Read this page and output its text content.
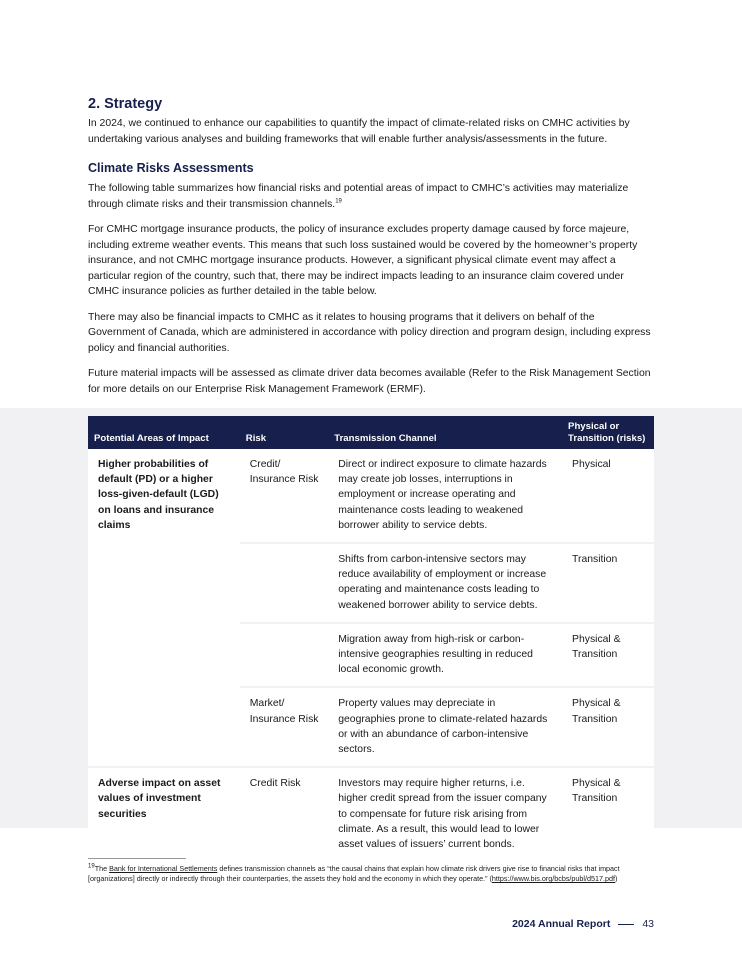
2. Strategy

In 2024, we continued to enhance our capabilities to quantify the impact of climate-related risks on CMHC activities by undertaking various analyses and building frameworks that will enable further analysis/assessments in the future.

Climate Risks Assessments

The following table summarizes how financial risks and potential areas of impact to CMHC’s activities may materialize through climate risks and their transmission channels.$^{19}$

For CMHC mortgage insurance products, the policy of insurance excludes property damage caused by force majeure, including extreme weather events. This means that such loss sustained would be covered by the homeowner’s property insurance, and not CMHC mortgage insurance products. However, a significant physical climate event may affect a particular region of the country, such that, there may be indirect impacts leading to an insurance claim covered under CMHC insurance policies as further detailed in the table below.

There may also be financial impacts to CMHC as it relates to housing programs that it delivers on behalf of the Government of Canada, which are administered in accordance with policy direction and program design, including express policy and financial authorities.

Future material impacts will be assessed as climate driver data becomes available (Refer to the Risk Management Section for more details on our Enterprise Risk Management Framework (ERMF).

Potential Areas of Impact	Risk	Transmission Channel	Physical or Transition (risks)
Higher probabilities of default (PD) or a higher loss-given-default (LGD) on loans and insurance claims	Credit/ Insurance Risk	Direct or indirect exposure to climate hazards may create job losses, interruptions in employment or increase operating and maintenance costs leading to weakened borrower ability to service debts.	Physical
		Shifts from carbon-intensive sectors may reduce availability of employment or increase operating and maintenance costs leading to weakened borrower ability to service debts.	Transition
		Migration away from high-risk or carbon-intensive geographies resulting in reduced local economic growth.	Physical & Transition
	Market/ Insurance Risk	Property values may depreciate in geographies prone to climate-related hazards or with an abundance of carbon-intensive sectors.	Physical & Transition
Adverse impact on asset values of investment securities	Credit Risk	Investors may require higher returns, i.e. higher credit spread from the issuer company to compensate for future risk arising from climate. As a result, this would lead to lower asset values of issuers’ current bonds.	Physical & Transition
$^{19}$The Bank for International Settlements defines transmission channels as “the causal chains that explain how climate risk drivers give rise to financial risks that impact [organizations] directly or indirectly through their counterparties, the assets they hold and the economy in which they operate.” (https://www.bis.org/bcbs/publ/d517.pdf)
2024 Annual Report	43
